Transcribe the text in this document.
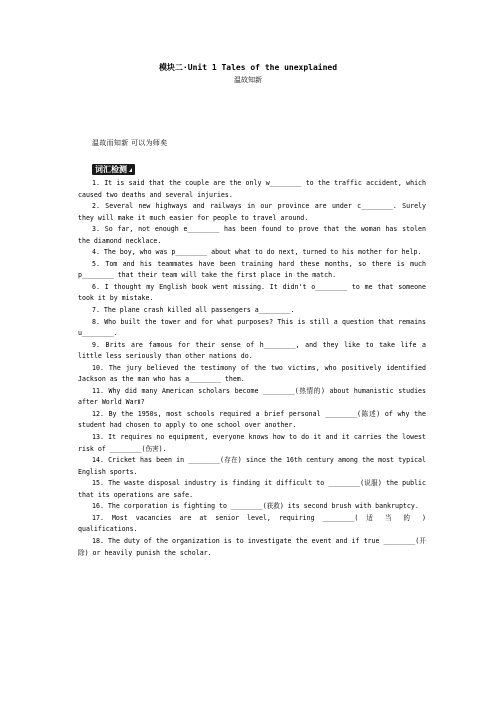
模块二·Unit 1 Tales of the unexplained
温故知新
温故而知新 可以为师矣
词汇检测

1. It is said that the couple are the only w________ to the traffic accident, which caused two deaths and several injuries.

2. Several new highways and railways in our province are under c________. Surely they will make it much easier for people to travel around.

3. So far, not enough e________ has been found to prove that the woman has stolen the diamond necklace.

4. The boy, who was p________ about what to do next, turned to his mother for help.

5. Tom and his teammates have been training hard these months, so there is much p________ that their team will take the first place in the match.

6. I thought my English book went missing. It didn't o________ to me that someone took it by mistake.

7. The plane crash killed all passengers a________.

8. Who built the tower and for what purposes? This is still a question that remains u________.

9. Brits are famous for their sense of h________, and they like to take life a little less seriously than other nations do.

10. The jury believed the testimony of the two victims, who positively identified Jackson as the man who has a________ them.

11. Why did many American scholars become ________(热情的) about humanistic studies after World WarⅡ?

12. By the 1950s, most schools required a brief personal ________(陈述) of why the student had chosen to apply to one school over another.

13. It requires no equipment, everyone knows how to do it and it carries the lowest risk of ________(伤害).

14. Cricket has been in ________(存在) since the 16th century among the most typical English sports.

15. The waste disposal industry is finding it difficult to ________(说服) the public that its operations are safe.

16. The corporation is fighting to ________(获救) its second brush with bankruptcy.

17. Most vacancies are at senior level, requiring ________( 适 当 的 ) qualifications.

18. The duty of the organization is to investigate the event and if true ________(开除) or heavily punish the scholar.
